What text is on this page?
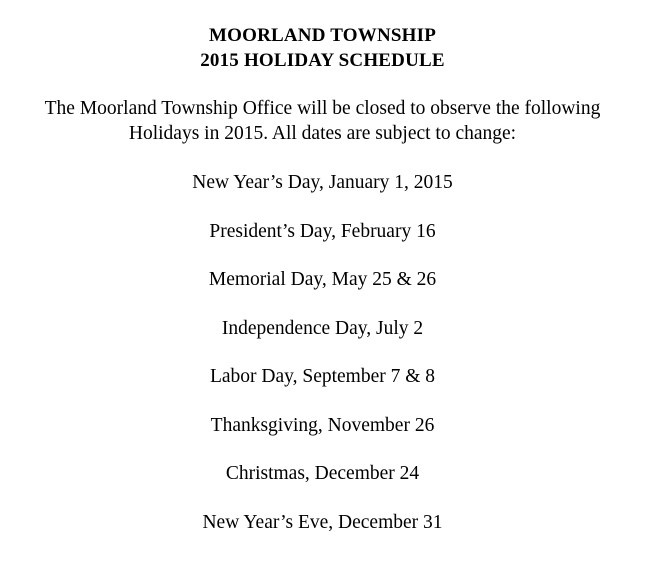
MOORLAND TOWNSHIP
2015 HOLIDAY SCHEDULE
The Moorland Township Office will be closed to observe the following
Holidays in 2015. All dates are subject to change:
New Year’s Day, January 1, 2015
President’s Day, February 16
Memorial Day, May 25 & 26
Independence Day, July 2
Labor Day, September 7 & 8
Thanksgiving, November 26
Christmas, December 24
New Year’s Eve, December 31
